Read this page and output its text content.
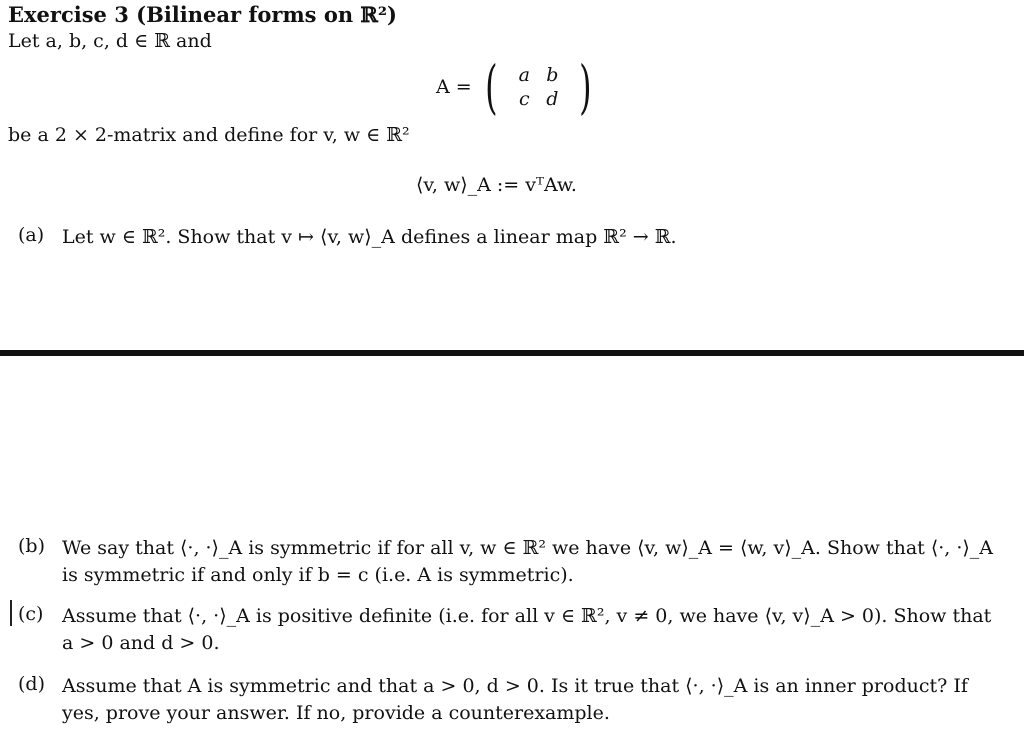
Exercise 3 (Bilinear forms on ℝ²)
Let a, b, c, d ∈ ℝ and
A = (	a b
c d )
be a 2 × 2-matrix and define for v, w ∈ ℝ²
⟨v, w⟩_A := vᵀAw.
(a) Let w ∈ ℝ². Show that v ↦ ⟨v, w⟩_A defines a linear map ℝ² → ℝ.
(b) We say that ⟨·, ·⟩_A is symmetric if for all v, w ∈ ℝ² we have ⟨v, w⟩_A = ⟨w, v⟩_A. Show that ⟨·, ·⟩_A is symmetric if and only if b = c (i.e. A is symmetric).
(c) Assume that ⟨·, ·⟩_A is positive definite (i.e. for all v ∈ ℝ², v ≠ 0, we have ⟨v, v⟩_A > 0). Show that a > 0 and d > 0.
(d) Assume that A is symmetric and that a > 0, d > 0. Is it true that ⟨·, ·⟩_A is an inner product? If yes, prove your answer. If no, provide a counterexample.
